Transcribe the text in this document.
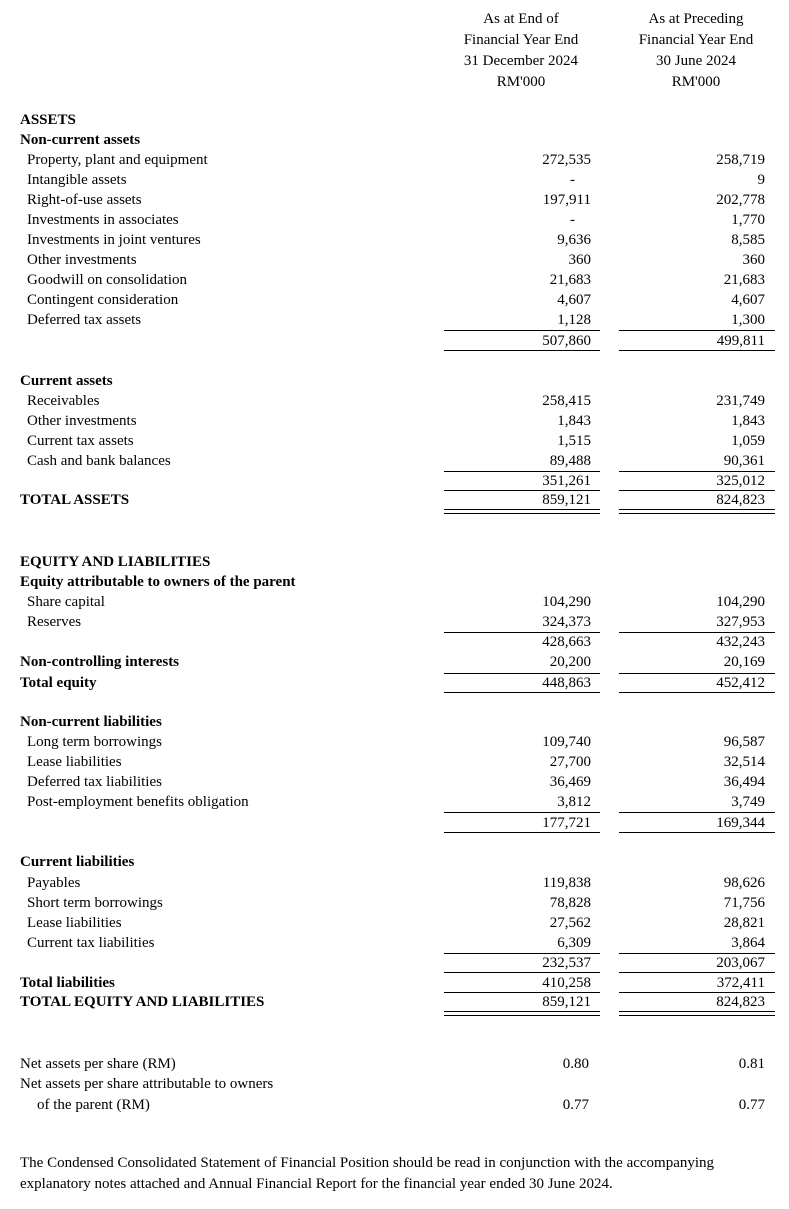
As at End of
Financial Year End
31 December 2024
RM'000
As at Preceding
Financial Year End
30 June 2024
RM'000
ASSETS
Non-current assets
Property, plant and equipment	272,535	258,719
Intangible assets	-	9
Right-of-use assets	197,911	202,778
Investments in associates	-	1,770
Investments in joint ventures	9,636	8,585
Other investments	360	360
Goodwill on consolidation	21,683	21,683
Contingent consideration	4,607	4,607
Deferred tax assets	1,128	1,300
507,860	499,811
Current assets
Receivables	258,415	231,749
Other investments	1,843	1,843
Current tax assets	1,515	1,059
Cash and bank balances	89,488	90,361
351,261	325,012
TOTAL ASSETS	859,121	824,823
EQUITY AND LIABILITIES
Equity attributable to owners of the parent
Share capital	104,290	104,290
Reserves	324,373	327,953
428,663	432,243
Non-controlling interests	20,200	20,169
Total equity	448,863	452,412
Non-current liabilities
Long term borrowings	109,740	96,587
Lease liabilities	27,700	32,514
Deferred tax liabilities	36,469	36,494
Post-employment benefits obligation	3,812	3,749
177,721	169,344
Current liabilities
Payables	119,838	98,626
Short term borrowings	78,828	71,756
Lease liabilities	27,562	28,821
Current tax liabilities	6,309	3,864
232,537	203,067
Total liabilities	410,258	372,411
TOTAL EQUITY AND LIABILITIES	859,121	824,823
Net assets per share (RM)	0.80	0.81
Net assets per share attributable to owners
of the parent (RM)	0.77	0.77
The Condensed Consolidated Statement of Financial Position should be read in conjunction with the accompanying
explanatory notes attached and Annual Financial Report for the financial year ended 30 June 2024.
